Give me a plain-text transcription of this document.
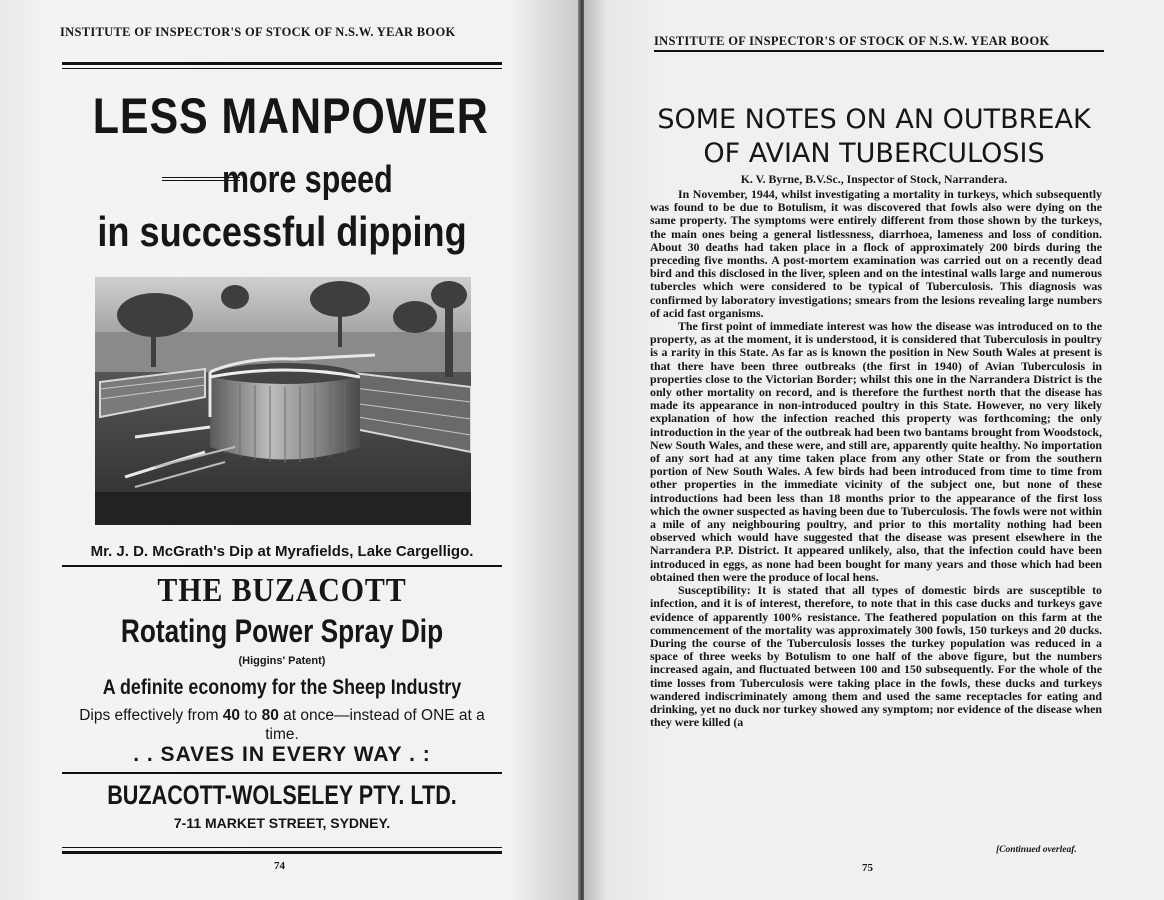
INSTITUTE OF INSPECTOR'S OF STOCK OF N.S.W. YEAR BOOK
LESS MANPOWER
more speed
in successful dipping
Mr. J. D. McGrath's Dip at Myrafields, Lake Cargelligo.
THE BUZACOTT
Rotating Power Spray Dip
(Higgins' Patent)
A definite economy for the Sheep Industry
Dips effectively from 40 to 80 at once—instead of ONE at a time.
. . SAVES IN EVERY WAY . :
BUZACOTT-WOLSELEY PTY. LTD.
7-11 MARKET STREET, SYDNEY.
74
INSTITUTE OF INSPECTOR'S OF STOCK OF N.S.W. YEAR BOOK
SOME NOTES ON AN OUTBREAK
OF AVIAN TUBERCULOSIS
K. V. Byrne, B.V.Sc., Inspector of Stock, Narrandera.

In November, 1944, whilst investigating a mortality in turkeys, which subsequently was found to be due to Botulism, it was discovered that fowls also were dying on the same property. The symptoms were entirely different from those shown by the turkeys, the main ones being a general listlessness, diarrhoea, lameness and loss of condition. About 30 deaths had taken place in a flock of approximately 200 birds during the preceding five months. A post-mortem examination was carried out on a recently dead bird and this disclosed in the liver, spleen and on the intestinal walls large and numerous tubercles which were considered to be typical of Tuberculosis. This diagnosis was confirmed by laboratory investigations; smears from the lesions revealing large numbers of acid fast organisms.

The first point of immediate interest was how the disease was introduced on to the property, as at the moment, it is understood, it is considered that Tuberculosis in poultry is a rarity in this State. As far as is known the position in New South Wales at present is that there have been three outbreaks (the first in 1940) of Avian Tuberculosis in properties close to the Victorian Border; whilst this one in the Narrandera District is the only other mortality on record, and is therefore the furthest north that the disease has made its appearance in non-introduced poultry in this State. However, no very likely explanation of how the infection reached this property was forthcoming; the only introduction in the year of the outbreak had been two bantams brought from Woodstock, New South Wales, and these were, and still are, apparently quite healthy. No importation of any sort had at any time taken place from any other State or from the southern portion of New South Wales. A few birds had been introduced from time to time from other properties in the immediate vicinity of the subject one, but none of these introductions had been less than 18 months prior to the appearance of the first loss which the owner suspected as having been due to Tuberculosis. The fowls were not within a mile of any neighbouring poultry, and prior to this mortality nothing had been observed which would have suggested that the disease was present elsewhere in the Narrandera P.P. District. It appeared unlikely, also, that the infection could have been introduced in eggs, as none had been bought for many years and those which had been obtained then were the produce of local hens.

Susceptibility: It is stated that all types of domestic birds are susceptible to infection, and it is of interest, therefore, to note that in this case ducks and turkeys gave evidence of apparently 100% resistance. The feathered population on this farm at the commencement of the mortality was approximately 300 fowls, 150 turkeys and 20 ducks. During the course of the Tuberculosis losses the turkey population was reduced in a space of three weeks by Botulism to one half of the above figure, but the numbers increased again, and fluctuated between 100 and 150 subsequently. For the whole of the time losses from Tuberculosis were taking place in the fowls, these ducks and turkeys wandered indiscriminately among them and used the same receptacles for eating and drinking, yet no duck nor turkey showed any symptom; nor evidence of the disease when they were killed (a

[Continued overleaf.
75
